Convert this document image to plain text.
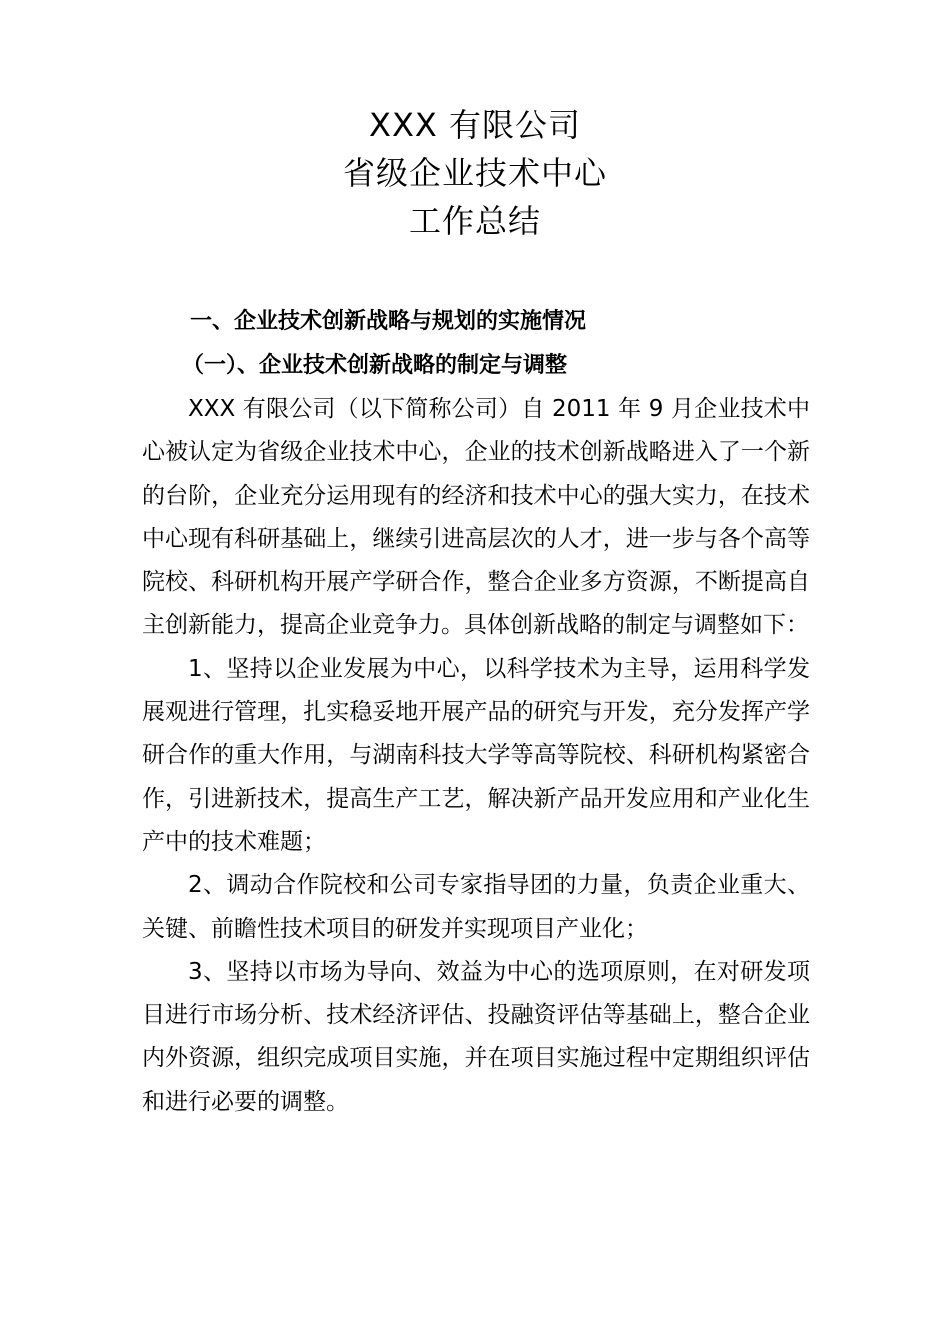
XXX 有限公司
省级企业技术中心
工作总结
一、企业技术创新战略与规划的实施情况
（一）、企业技术创新战略的制定与调整

XXX 有限公司（以下简称公司）自 2011 年 9 月企业技术中心被认定为省级企业技术中心，企业的技术创新战略进入了一个新的台阶，企业充分运用现有的经济和技术中心的强大实力，在技术中心现有科研基础上，继续引进高层次的人才，进一步与各个高等院校、科研机构开展产学研合作，整合企业多方资源，不断提高自主创新能力，提高企业竞争力。具体创新战略的制定与调整如下：

1、坚持以企业发展为中心，以科学技术为主导，运用科学发展观进行管理，扎实稳妥地开展产品的研究与开发，充分发挥产学研合作的重大作用，与湖南科技大学等高等院校、科研机构紧密合作，引进新技术，提高生产工艺，解决新产品开发应用和产业化生产中的技术难题；

2、调动合作院校和公司专家指导团的力量，负责企业重大、关键、前瞻性技术项目的研发并实现项目产业化；

3、坚持以市场为导向、效益为中心的选项原则，在对研发项目进行市场分析、技术经济评估、投融资评估等基础上，整合企业内外资源，组织完成项目实施，并在项目实施过程中定期组织评估和进行必要的调整。
